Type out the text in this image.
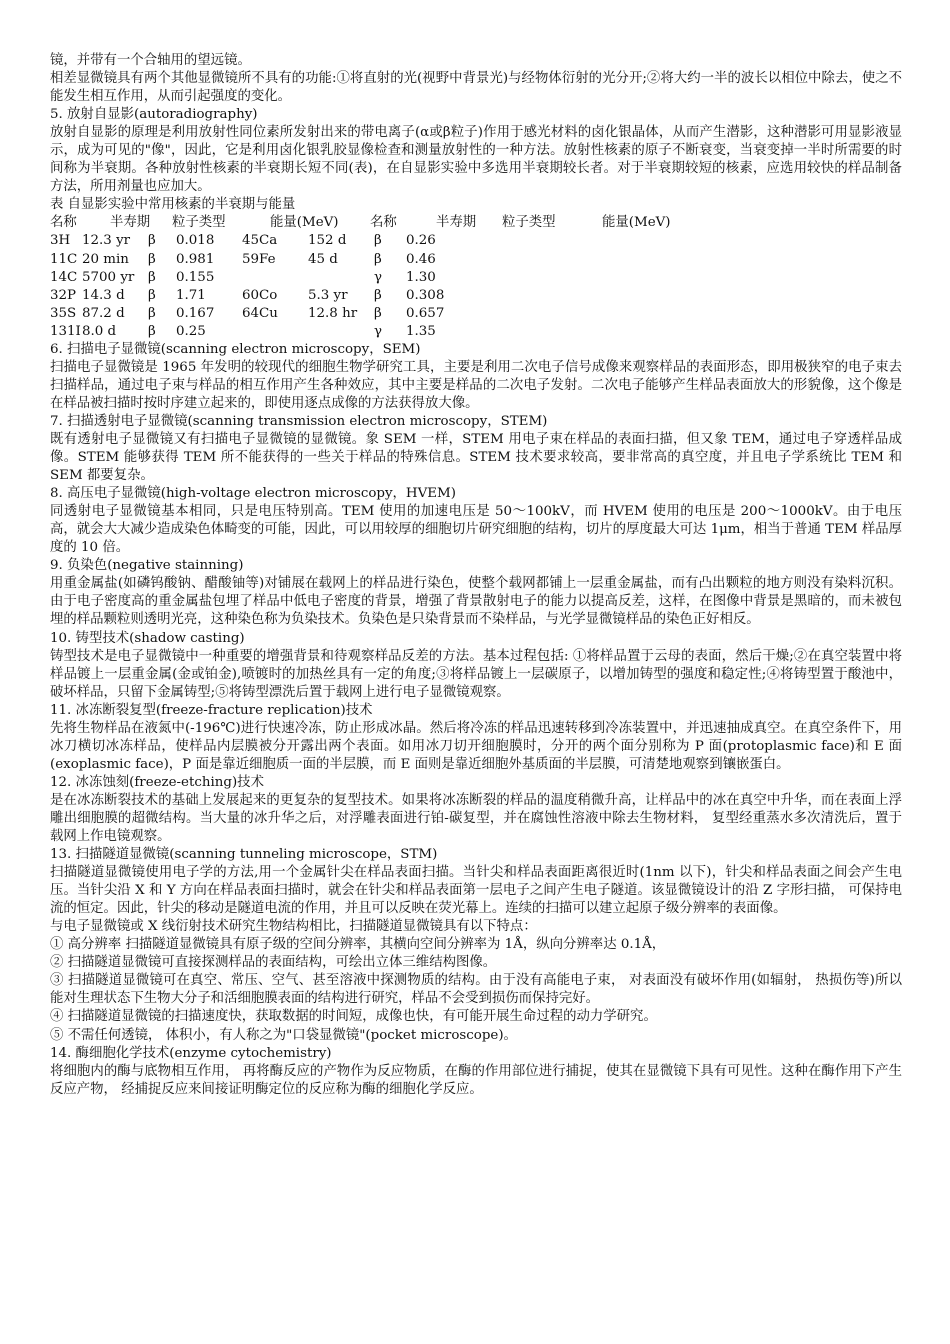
镜，并带有一个合轴用的望远镜。

相差显微镜具有两个其他显微镜所不具有的功能:①将直射的光(视野中背景光)与经物体衍射的光分开;②将大约一半的波长以相位中除去，使之不能发生相互作用，从而引起强度的变化。

5. 放射自显影(autoradiography)

放射自显影的原理是利用放射性同位素所发射出来的带电离子(α或β粒子)作用于感光材料的卤化银晶体，从而产生潜影，这种潜影可用显影液显示，成为可见的"像"，因此，它是利用卤化银乳胶显像检查和测量放射性的一种方法。放射性核素的原子不断衰变，当衰变掉一半时所需要的时间称为半衰期。各种放射性核素的半衰期长短不同(表)，在自显影实验中多选用半衰期较长者。对于半衰期较短的核素，应选用较快的样品制备方法，所用剂量也应加大。

表 自显影实验中常用核素的半衰期与能量

名称	半寿期	粒子类型	能量(MeV)	名称	半寿期	粒子类型	能量(MeV)
3H	12.3 yr	β	0.018	45Ca	152 d	β	0.26
11C	20 min	β	0.981	59Fe	45 d	β	0.46
14C	5700 yr	β	0.155			γ	1.30
32P	14.3 d	β	1.71	60Co	5.3 yr	β	0.308
35S	87.2 d	β	0.167	64Cu	12.8 hr	β	0.657
131I	8.0 d	β	0.25			γ	1.35

6. 扫描电子显微镜(scanning electron microscopy，SEM)

扫描电子显微镜是 1965 年发明的较现代的细胞生物学研究工具，主要是利用二次电子信号成像来观察样品的表面形态，即用极狭窄的电子束去扫描样品，通过电子束与样品的相互作用产生各种效应，其中主要是样品的二次电子发射。二次电子能够产生样品表面放大的形貌像，这个像是在样品被扫描时按时序建立起来的，即使用逐点成像的方法获得放大像。

7. 扫描透射电子显微镜(scanning transmission electron microscopy，STEM)

既有透射电子显微镜又有扫描电子显微镜的显微镜。象 SEM 一样，STEM 用电子束在样品的表面扫描，但又象 TEM，通过电子穿透样品成像。STEM 能够获得 TEM 所不能获得的一些关于样品的特殊信息。STEM 技术要求较高，要非常高的真空度，并且电子学系统比 TEM 和 SEM 都要复杂。

8. 高压电子显微镜(high-voltage electron microscopy，HVEM)

同透射电子显微镜基本相同，只是电压特别高。TEM 使用的加速电压是 50～100kV，而 HVEM 使用的电压是 200～1000kV。由于电压高，就会大大减少造成染色体畸变的可能，因此，可以用较厚的细胞切片研究细胞的结构，切片的厚度最大可达 1μm，相当于普通 TEM 样品厚度的 10 倍。

9. 负染色(negative stainning)

用重金属盐(如磷钨酸钠、醋酸铀等)对铺展在载网上的样品进行染色，使整个载网都铺上一层重金属盐，而有凸出颗粒的地方则没有染料沉积。由于电子密度高的重金属盐包埋了样品中低电子密度的背景，增强了背景散射电子的能力以提高反差，这样，在图像中背景是黑暗的，而未被包埋的样品颗粒则透明光亮，这种染色称为负染技术。负染色是只染背景而不染样品，与光学显微镜样品的染色正好相反。

10. 铸型技术(shadow casting)

铸型技术是电子显微镜中一种重要的增强背景和待观察样品反差的方法。基本过程包括: ①将样品置于云母的表面，然后干燥;②在真空装置中将样品镀上一层重金属(金或铂金),喷镀时的加热丝具有一定的角度;③将样品镀上一层碳原子，以增加铸型的强度和稳定性;④将铸型置于酸池中，破坏样品，只留下金属铸型;⑤将铸型漂洗后置于载网上进行电子显微镜观察。

11. 冰冻断裂复型(freeze-fracture replication)技术

先将生物样品在液氮中(-196℃)进行快速冷冻，防止形成冰晶。然后将冷冻的样品迅速转移到冷冻装置中，并迅速抽成真空。在真空条件下，用冰刀横切冰冻样品，使样品内层膜被分开露出两个表面。如用冰刀切开细胞膜时，分开的两个面分别称为 P 面(protoplasmic face)和 E 面(exoplasmic face)，P 面是靠近细胞质一面的半层膜，而 E 面则是靠近细胞外基质面的半层膜，可清楚地观察到镶嵌蛋白。

12. 冰冻蚀刻(freeze-etching)技术

是在冰冻断裂技术的基础上发展起来的更复杂的复型技术。如果将冰冻断裂的样品的温度稍微升高，让样品中的冰在真空中升华，而在表面上浮雕出细胞膜的超微结构。当大量的冰升华之后，对浮雕表面进行铂-碳复型，并在腐蚀性溶液中除去生物材料， 复型经重蒸水多次清洗后，置于载网上作电镜观察。

13. 扫描隧道显微镜(scanning tunneling microscope，STM)

扫描隧道显微镜使用电子学的方法,用一个金属针尖在样品表面扫描。当针尖和样品表面距离很近时(1nm 以下)，针尖和样品表面之间会产生电压。当针尖沿 X 和 Y 方向在样品表面扫描时，就会在针尖和样品表面第一层电子之间产生电子隧道。该显微镜设计的沿 Z 字形扫描， 可保持电流的恒定。因此，针尖的移动是隧道电流的作用，并且可以反映在荧光幕上。连续的扫描可以建立起原子级分辨率的表面像。

与电子显微镜或 X 线衍射技术研究生物结构相比，扫描隧道显微镜具有以下特点：

① 高分辨率 扫描隧道显微镜具有原子级的空间分辨率，其横向空间分辨率为 1Å，纵向分辨率达 0.1Å，

② 扫描隧道显微镜可直接探测样品的表面结构，可绘出立体三维结构图像。

③ 扫描隧道显微镜可在真空、常压、空气、甚至溶液中探测物质的结构。由于没有高能电子束， 对表面没有破坏作用(如辐射， 热损伤等)所以能对生理状态下生物大分子和活细胞膜表面的结构进行研究，样品不会受到损伤而保持完好。

④ 扫描隧道显微镜的扫描速度快，获取数据的时间短，成像也快，有可能开展生命过程的动力学研究。

⑤ 不需任何透镜， 体积小，有人称之为"口袋显微镜"(pocket microscope)。

14. 酶细胞化学技术(enzyme cytochemistry)

将细胞内的酶与底物相互作用， 再将酶反应的产物作为反应物质，在酶的作用部位进行捕捉，使其在显微镜下具有可见性。这种在酶作用下产生反应产物， 经捕捉反应来间接证明酶定位的反应称为酶的细胞化学反应。
